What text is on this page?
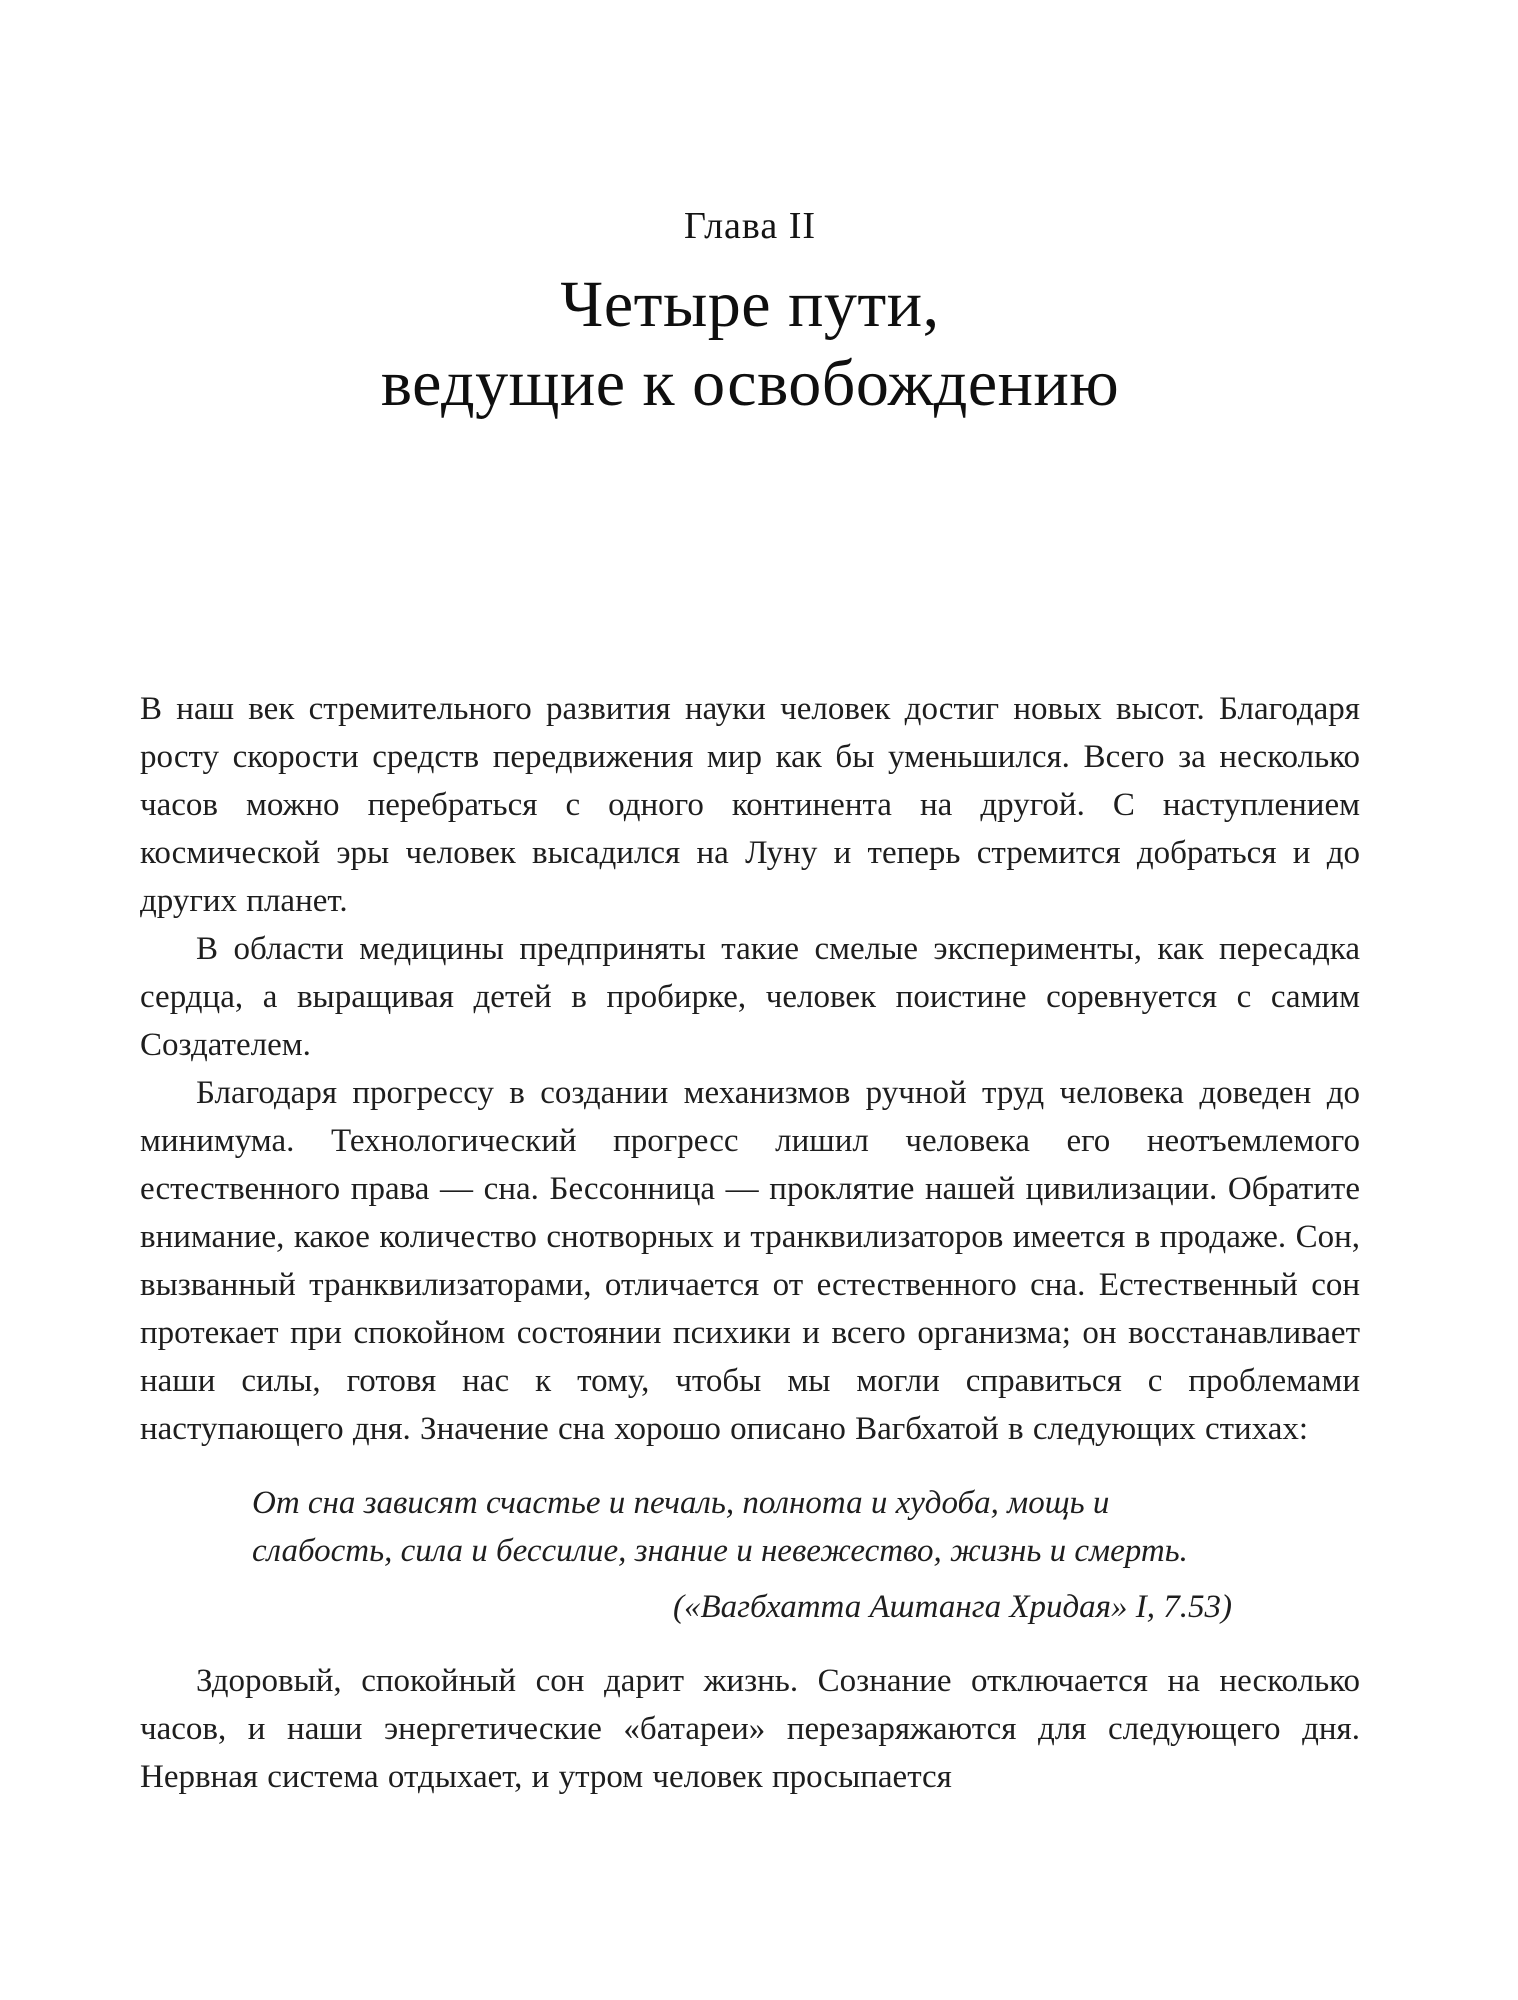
Глава II
Четыре пути,
ведущие к освобождению

В наш век стремительного развития науки человек достиг новых высот. Благодаря росту скорости средств передвижения мир как бы уменьшился. Всего за несколько часов можно перебраться с одного континента на другой. С наступлением космической эры человек высадился на Луну и теперь стремится добраться и до других планет.

В области медицины предприняты такие смелые эксперименты, как пересадка сердца, а выращивая детей в пробирке, человек поистине соревнуется с самим Создателем.

Благодаря прогрессу в создании механизмов ручной труд человека доведен до минимума. Технологический прогресс лишил человека его неотъемлемого естественного права — сна. Бессонница — проклятие нашей цивилизации. Обратите внимание, какое количество снотворных и транквилизаторов имеется в продаже. Сон, вызванный транквилизаторами, отличается от естественного сна. Естественный сон протекает при спокойном состоянии психики и всего организма; он восстанавливает наши силы, готовя нас к тому, чтобы мы могли справиться с проблемами наступающего дня. Значение сна хорошо описано Вагбхатой в следующих стихах:

От сна зависят счастье и печаль, полнота и худоба, мощь и слабость, сила и бессилие, знание и невежество, жизнь и смерть.

(«Вагбхатта Аштанга Хридая» I, 7.53)

Здоровый, спокойный сон дарит жизнь. Сознание отключается на несколько часов, и наши энергетические «батареи» перезаряжаются для следующего дня. Нервная система отдыхает, и утром человек просыпается
